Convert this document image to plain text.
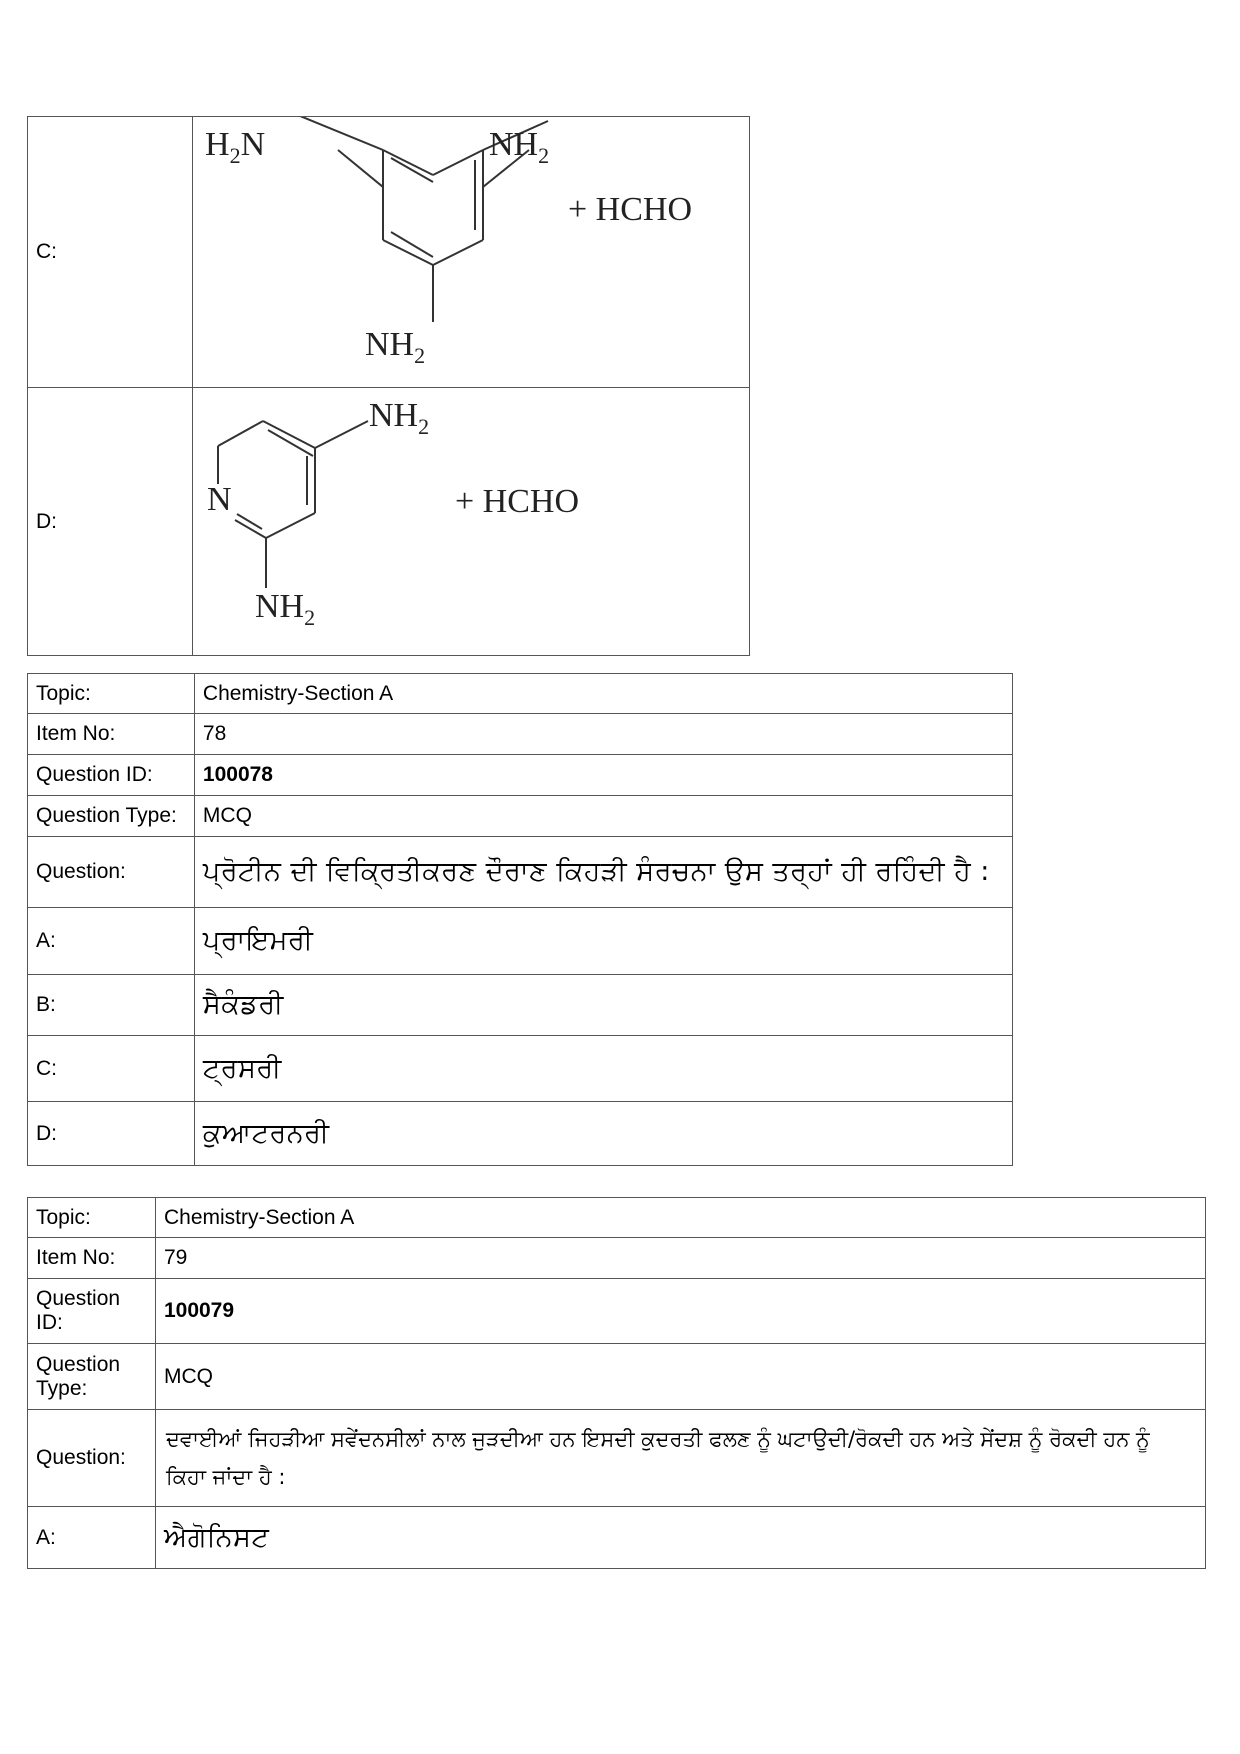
C:	$H_2N$ $NH_2$
$NH_2$
+ HCHO

D:	N
$NH_2$
$NH_2$
+ HCHO
Topic:	Chemistry-Section A
Item No:	78
Question ID:	100078
Question Type:	MCQ
Question:	ਪ੍ਰੋਟੀਨ ਦੀ ਵਿਕ੍ਰਿਤੀਕਰਣ ਦੌਰਾਣ ਕਿਹੜੀ ਸੰਰਚਨਾ ਉਸ ਤਰ੍ਹਾਂ ਹੀ ਰਹਿੰਦੀ ਹੈ :
A:	ਪ੍ਰਾਇਮਰੀ
B:	ਸੈਕੰਡਰੀ
C:	ਟ੍ਰਸਰੀ
D:	ਕੁਆਟਰਨਰੀ
Topic:	Chemistry-Section A
Item No:	79
Question
ID:	100079
Question
Type:	MCQ
Question:	ਦਵਾਈਆਂ ਜਿਹੜੀਆ ਸਵੇਂਦਨਸੀਲਾਂ ਨਾਲ ਜੁੜਦੀਆ ਹਨ ਇਸਦੀ ਕੁਦਰਤੀ ਫਲਣ ਨੂੰ ਘਟਾਉਦੀ/ਰੋਕਦੀ ਹਨ ਅਤੇ ਸੇਂਦਸ਼ ਨੂੰ ਰੋਕਦੀ ਹਨ ਨੂੰ ਕਿਹਾ ਜਾਂਦਾ ਹੈ :
A:	ਐਗੋਨਿਸਟ
